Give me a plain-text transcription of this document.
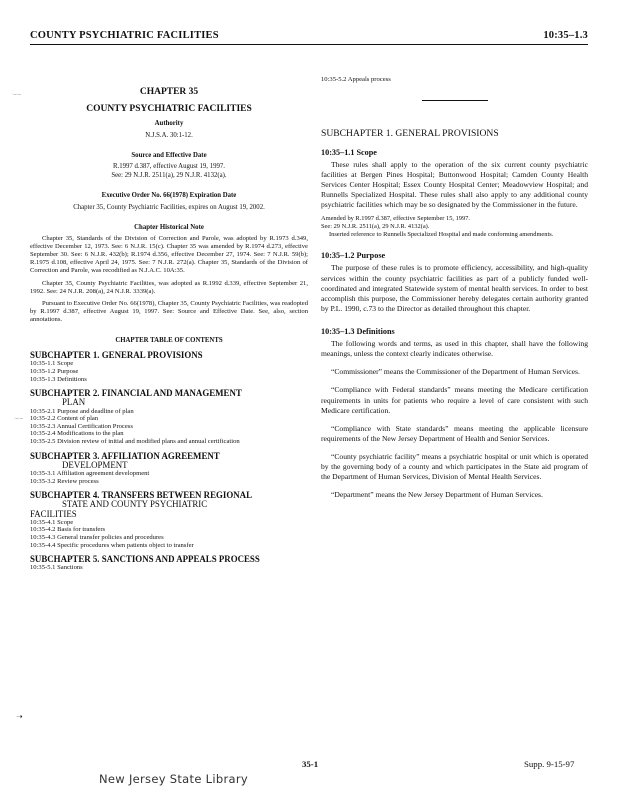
COUNTY PSYCHIATRIC FACILITIES	10:35–1.3
·-·–
·-·–
➝
CHAPTER 35
COUNTY PSYCHIATRIC FACILITIES
Authority
N.J.S.A. 30:1-12.
Source and Effective Date
R.1997 d.387, effective August 19, 1997.
See: 29 N.J.R. 2511(a), 29 N.J.R. 4132(a).
Executive Order No. 66(1978) Expiration Date
Chapter 35, County Psychiatric Facilities, expires on August 19, 2002.
Chapter Historical Note

Chapter 35, Standards of the Division of Correction and Parole, was adopted by R.1973 d.349, effective December 12, 1973. See: 6 N.J.R. 15(c). Chapter 35 was amended by R.1974 d.273, effective September 30. See: 6 N.J.R. 432(b); R.1974 d.356, effective December 27, 1974. See: 7 N.J.R. 59(b); R.1975 d.108, effective April 24, 1975. See: 7 N.J.R. 272(a). Chapter 35, Standards of the Division of Correction and Parole, was recodified as N.J.A.C. 10A:35.

Chapter 35, County Psychiatric Facilities, was adopted as R.1992 d.339, effective September 21, 1992. See: 24 N.J.R. 208(a), 24 N.J.R. 3339(a).

Pursuant to Executive Order No. 66(1978), Chapter 35, County Psychiatric Facilities, was readopted by R.1997 d.387, effective August 19, 1997. See: Source and Effective Date. See, also, section annotations.

CHAPTER TABLE OF CONTENTS
SUBCHAPTER 1. GENERAL PROVISIONS
10:35-1.1 Scope
10:35-1.2 Purpose
10:35-1.3 Definitions
SUBCHAPTER 2. FINANCIAL AND MANAGEMENT
PLAN
10:35-2.1 Purpose and deadline of plan
10:35-2.2 Content of plan
10:35-2.3 Annual Certification Process
10:35-2.4 Modifications to the plan
10:35-2.5 Division review of initial and modified plans and annual certification
SUBCHAPTER 3. AFFILIATION AGREEMENT
DEVELOPMENT
10:35-3.1 Affiliation agreement development
10:35-3.2 Review process
SUBCHAPTER 4. TRANSFERS BETWEEN REGIONAL
STATE AND COUNTY PSYCHIATRIC
FACILITIES
10:35-4.1 Scope
10:35-4.2 Basis for transfers
10:35-4.3 General transfer policies and procedures
10:35-4.4 Specific procedures when patients object to transfer
SUBCHAPTER 5. SANCTIONS AND APPEALS PROCESS
10:35-5.1 Sanctions
10:35-5.2 Appeals process
SUBCHAPTER 1. GENERAL PROVISIONS
10:35–1.1 Scope

These rules shall apply to the operation of the six current county psychiatric facilities at Bergen Pines Hospital; Buttonwood Hospital; Camden County Health Services Center Hospital; Essex County Hospital Center; Meadowview Hospital; and Runnells Specialized Hospital. These rules shall also apply to any additional county psychiatric facilities which may be so designated by the Commissioner in the future.

Amended by R.1997 d.387, effective September 15, 1997.
See: 29 N.J.R. 2511(a), 29 N.J.R. 4132(a).
Inserted reference to Runnells Specialized Hospital and made conforming amendments.
10:35–1.2 Purpose

The purpose of these rules is to promote efficiency, accessibility, and high-quality services within the county psychiatric facilities as part of a publicly funded well-coordinated and integrated Statewide system of mental health services. In order to best accomplish this purpose, the Commissioner hereby delegates certain authority granted by P.L. 1990, c.73 to the Director as detailed throughout this chapter.

10:35–1.3 Definitions

The following words and terms, as used in this chapter, shall have the following meanings, unless the context clearly indicates otherwise.

“Commissioner” means the Commissioner of the Department of Human Services.

“Compliance with Federal standards” means meeting the Medicare certification requirements in units for patients who require a level of care consistent with such Medicare certification.

“Compliance with State standards” means meeting the applicable licensure requirements of the New Jersey Department of Health and Senior Services.

“County psychiatric facility” means a psychiatric hospital or unit which is operated by the governing body of a county and which participates in the State aid program of the Department of Human Services, Division of Mental Health Services.

“Department” means the New Jersey Department of Human Services.

35-1	Supp. 9-15-97
New Jersey State Library
